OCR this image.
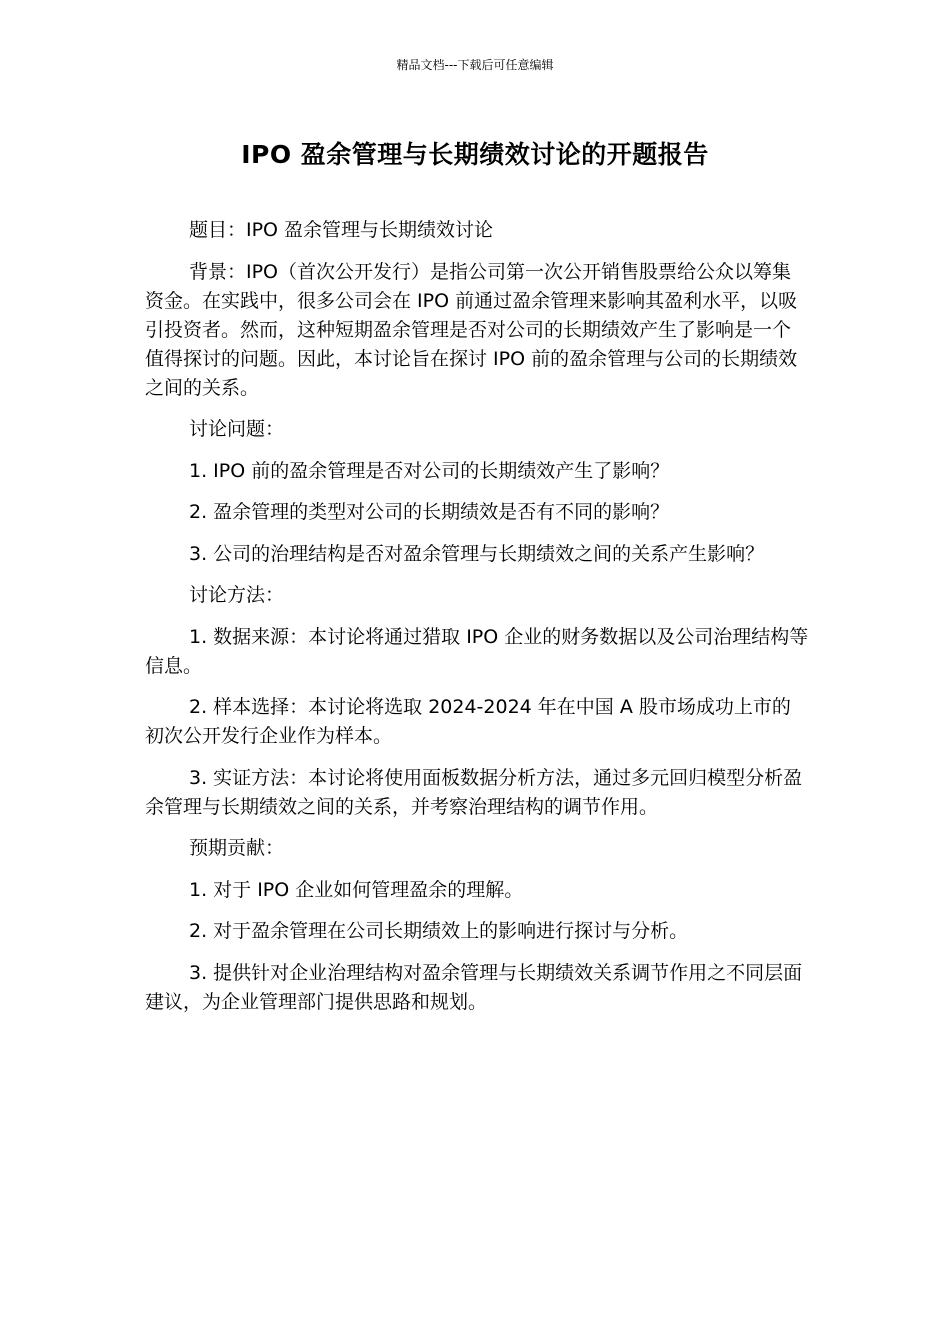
精品文档---下载后可任意编辑
IPO 盈余管理与长期绩效讨论的开题报告

题目：IPO 盈余管理与长期绩效讨论

背景：IPO（首次公开发行）是指公司第一次公开销售股票给公众以筹集资金。在实践中，很多公司会在 IPO 前通过盈余管理来影响其盈利水平，以吸引投资者。然而，这种短期盈余管理是否对公司的长期绩效产生了影响是一个值得探讨的问题。因此，本讨论旨在探讨 IPO 前的盈余管理与公司的长期绩效之间的关系。

讨论问题：

1. IPO 前的盈余管理是否对公司的长期绩效产生了影响？

2. 盈余管理的类型对公司的长期绩效是否有不同的影响？

3. 公司的治理结构是否对盈余管理与长期绩效之间的关系产生影响？

讨论方法：

1. 数据来源：本讨论将通过猎取 IPO 企业的财务数据以及公司治理结构等信息。

2. 样本选择：本讨论将选取 2024-2024 年在中国 A 股市场成功上市的初次公开发行企业作为样本。

3. 实证方法：本讨论将使用面板数据分析方法，通过多元回归模型分析盈余管理与长期绩效之间的关系，并考察治理结构的调节作用。

预期贡献：

1. 对于 IPO 企业如何管理盈余的理解。

2. 对于盈余管理在公司长期绩效上的影响进行探讨与分析。

3. 提供针对企业治理结构对盈余管理与长期绩效关系调节作用之不同层面建议，为企业管理部门提供思路和规划。
